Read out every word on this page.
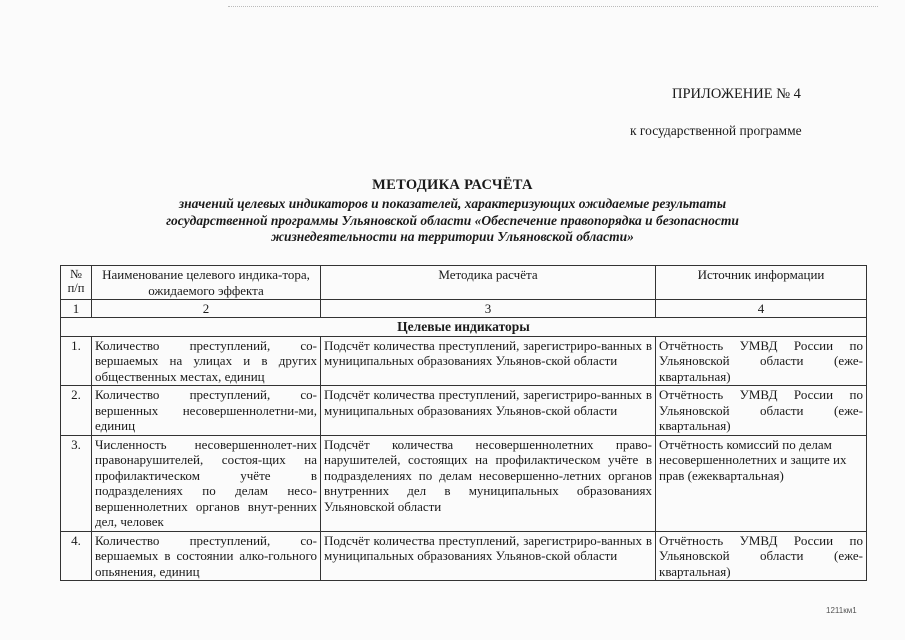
ПРИЛОЖЕНИЕ № 4
к государственной программе
МЕТОДИКА РАСЧЁТА
значений целевых индикаторов и показателей, характеризующих ожидаемые результаты
государственной программы Ульяновской области «Обеспечение правопорядка и безопасности
жизнедеятельности на территории Ульяновской области»
№ п/п	Наименование целевого индика-тора, ожидаемого эффекта	Методика расчёта	Источник информации
1	2	3	4
Целевые индикаторы			
1.	Количество преступлений, со-вершаемых на улицах и в других общественных местах, единиц	Подсчёт количества преступлений, зарегистриро-ванных в муниципальных образованиях Ульянов-ской области	Отчётность УМВД России по Ульяновской области (еже-квартальная)
2.	Количество преступлений, со-вершенных несовершеннолетни-ми, единиц	Подсчёт количества преступлений, зарегистриро-ванных в муниципальных образованиях Ульянов-ской области	Отчётность УМВД России по Ульяновской области (еже-квартальная)
3.	Численность несовершеннолет-них правонарушителей, состоя-щих на профилактическом учёте в подразделениях по делам несо-вершеннолетних органов внут-ренних дел, человек	Подсчёт количества несовершеннолетних право-нарушителей, состоящих на профилактическом учёте в подразделениях по делам несовершенно-летних органов внутренних дел в муниципальных образованиях Ульяновской области	Отчётность комиссий по делам несовершеннолетних и защите их прав (ежеквартальная)
4.	Количество преступлений, со-вершаемых в состоянии алко-гольного опьянения, единиц	Подсчёт количества преступлений, зарегистриро-ванных в муниципальных образованиях Ульянов-ской области	Отчётность УМВД России по Ульяновской области (еже-квартальная)
1211км1
